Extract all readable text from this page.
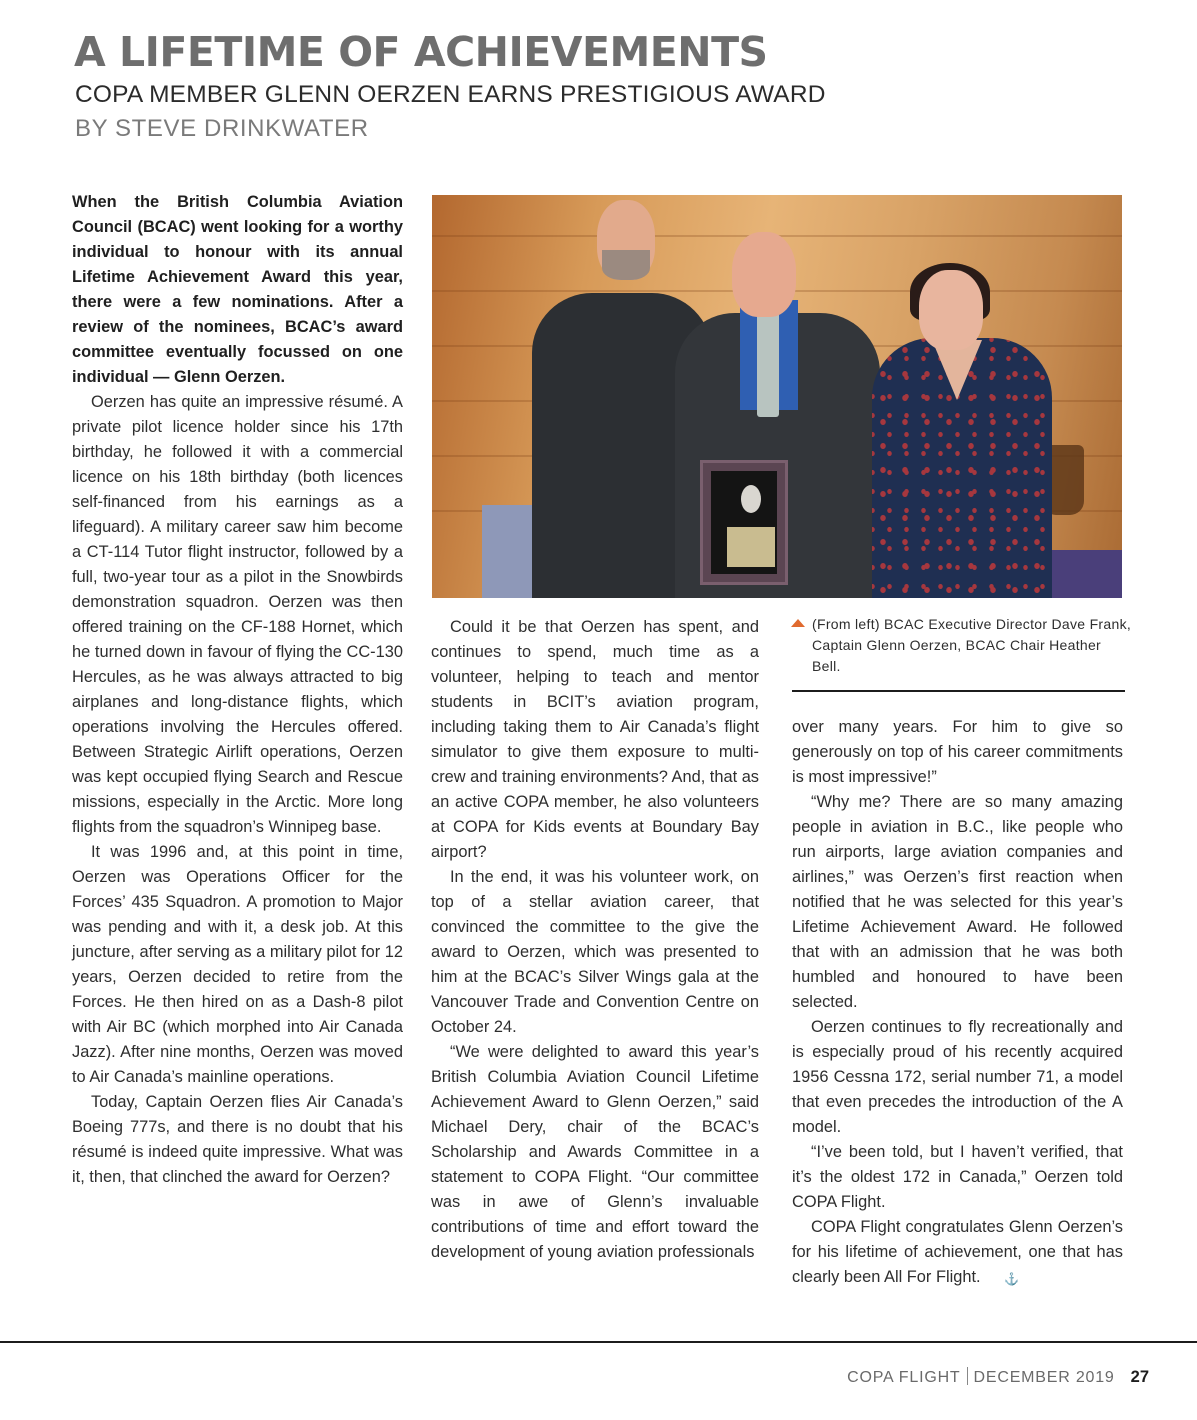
A LIFETIME OF ACHIEVEMENTS
COPA MEMBER GLENN OERZEN EARNS PRESTIGIOUS AWARD
BY STEVE DRINKWATER

When the British Columbia Aviation Council (BCAC) went looking for a worthy individual to honour with its annual Lifetime Achievement Award this year, there were a few nominations. After a review of the nominees, BCAC’s award committee eventually focussed on one individual — Glenn Oerzen.

Oerzen has quite an impressive résumé. A private pilot licence holder since his 17th birthday, he followed it with a commercial licence on his 18th birthday (both licences self-financed from his earnings as a lifeguard). A military career saw him become a CT-114 Tutor flight instructor, followed by a full, two-year tour as a pilot in the Snowbirds demonstration squadron. Oerzen was then offered training on the CF-188 Hornet, which he turned down in favour of flying the CC-130 Hercules, as he was always attracted to big airplanes and long-distance flights, which operations involving the Hercules offered. Between Strategic Airlift operations, Oerzen was kept occupied flying Search and Rescue missions, especially in the Arctic. More long flights from the squadron’s Winnipeg base.

It was 1996 and, at this point in time, Oerzen was Operations Officer for the Forces’ 435 Squadron. A promotion to Major was pending and with it, a desk job. At this juncture, after serving as a military pilot for 12 years, Oerzen decided to retire from the Forces. He then hired on as a Dash-8 pilot with Air BC (which morphed into Air Canada Jazz). After nine months, Oerzen was moved to Air Canada’s mainline operations.

Today, Captain Oerzen flies Air Canada’s Boeing 777s, and there is no doubt that his résumé is indeed quite impressive. What was it, then, that clinched the award for Oerzen?

Could it be that Oerzen has spent, and continues to spend, much time as a volunteer, helping to teach and mentor students in BCIT’s aviation program, including taking them to Air Canada’s flight simulator to give them exposure to multi-crew and training environments? And, that as an active COPA member, he also volunteers at COPA for Kids events at Boundary Bay airport?

In the end, it was his volunteer work, on top of a stellar aviation career, that convinced the committee to the give the award to Oerzen, which was presented to him at the BCAC’s Silver Wings gala at the Vancouver Trade and Convention Centre on October 24.

“We were delighted to award this year’s British Columbia Aviation Council Lifetime Achievement Award to Glenn Oerzen,” said Michael Dery, chair of the BCAC’s Scholarship and Awards Committee in a statement to COPA Flight. “Our committee was in awe of Glenn’s invaluable contributions of time and effort toward the development of young aviation professionals

(From left) BCAC Executive Director Dave Frank, Captain Glenn Oerzen, BCAC Chair Heather Bell.

over many years. For him to give so generously on top of his career commitments is most impressive!”

“Why me? There are so many amazing people in aviation in B.C., like people who run airports, large aviation companies and airlines,” was Oerzen’s first reaction when notified that he was selected for this year’s Lifetime Achievement Award. He followed that with an admission that he was both humbled and honoured to have been selected.

Oerzen continues to fly recreationally and is especially proud of his recently acquired 1956 Cessna 172, serial number 71, a model that even precedes the introduction of the A model.

“I’ve been told, but I haven’t verified, that it’s the oldest 172 in Canada,” Oerzen told COPA Flight.

COPA Flight congratulates Glenn Oerzen’s for his lifetime of achievement, one that has clearly been All For Flight. ⚓

COPA FLIGHT DECEMBER 2019 27
